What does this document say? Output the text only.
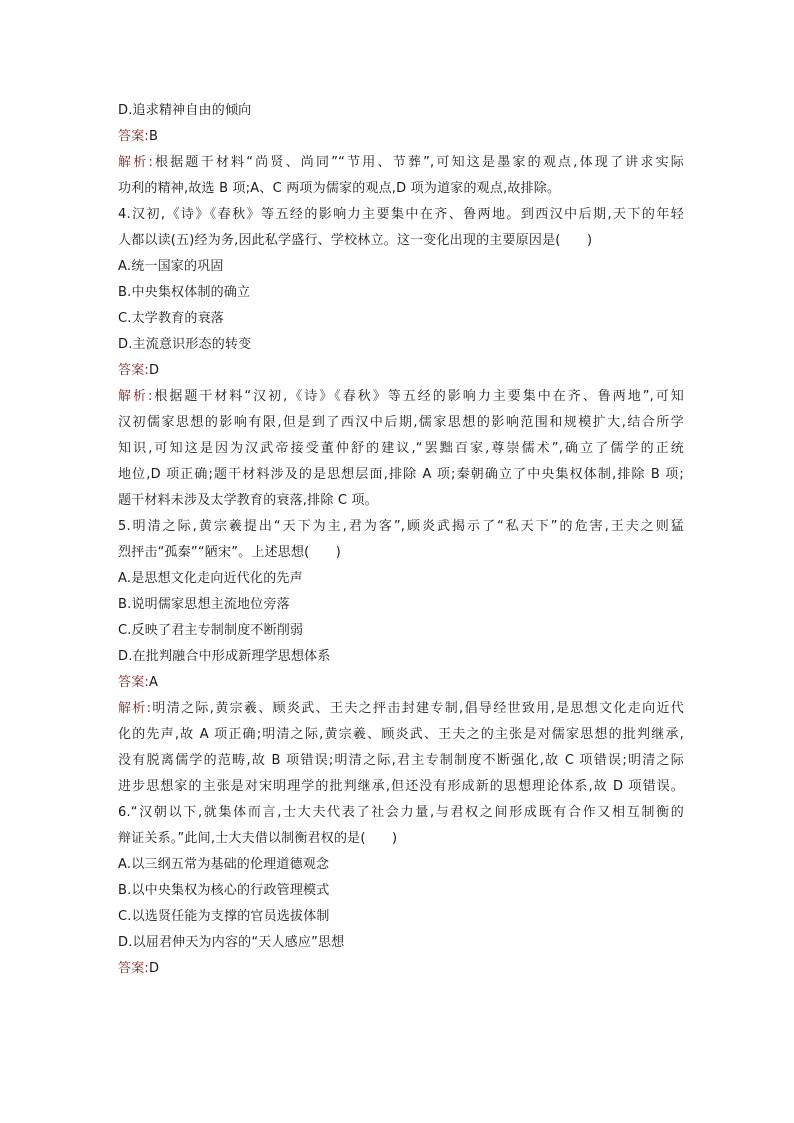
D.追求精神自由的倾向
答案:B
解析:根据题干材料“尚贤、尚同”“节用、节葬”,可知这是墨家的观点,体现了讲求实际
功利的精神,故选 B 项;A、C 两项为儒家的观点,D 项为道家的观点,故排除。
4.汉初,《诗》《春秋》等五经的影响力主要集中在齐、鲁两地。到西汉中后期,天下的年轻
人都以读(五)经为务,因此私学盛行、学校林立。这一变化出现的主要原因是(　　)
A.统一国家的巩固
B.中央集权体制的确立
C.太学教育的衰落
D.主流意识形态的转变
答案:D
解析:根据题干材料“汉初,《诗》《春秋》等五经的影响力主要集中在齐、鲁两地”,可知
汉初儒家思想的影响有限,但是到了西汉中后期,儒家思想的影响范围和规模扩大,结合所学
知识,可知这是因为汉武帝接受董仲舒的建议,“罢黜百家,尊崇儒术”,确立了儒学的正统
地位,D 项正确;题干材料涉及的是思想层面,排除 A 项;秦朝确立了中央集权体制,排除 B 项;
题干材料未涉及太学教育的衰落,排除 C 项。
5.明清之际,黄宗羲提出“天下为主,君为客”,顾炎武揭示了“私天下”的危害,王夫之则猛
烈抨击“孤秦”“陋宋”。上述思想(　　)
A.是思想文化走向近代化的先声
B.说明儒家思想主流地位旁落
C.反映了君主专制制度不断削弱
D.在批判融合中形成新理学思想体系
答案:A
解析:明清之际,黄宗羲、顾炎武、王夫之抨击封建专制,倡导经世致用,是思想文化走向近代
化的先声,故 A 项正确;明清之际,黄宗羲、顾炎武、王夫之的主张是对儒家思想的批判继承,
没有脱离儒学的范畴,故 B 项错误;明清之际,君主专制制度不断强化,故 C 项错误;明清之际
进步思想家的主张是对宋明理学的批判继承,但还没有形成新的思想理论体系,故 D 项错误。
6.“汉朝以下,就集体而言,士大夫代表了社会力量,与君权之间形成既有合作又相互制衡的
辩证关系。”此间,士大夫借以制衡君权的是(　　)
A.以三纲五常为基础的伦理道德观念
B.以中央集权为核心的行政管理模式
C.以选贤任能为支撑的官员选拔体制
D.以屈君伸天为内容的“天人感应”思想
答案:D
